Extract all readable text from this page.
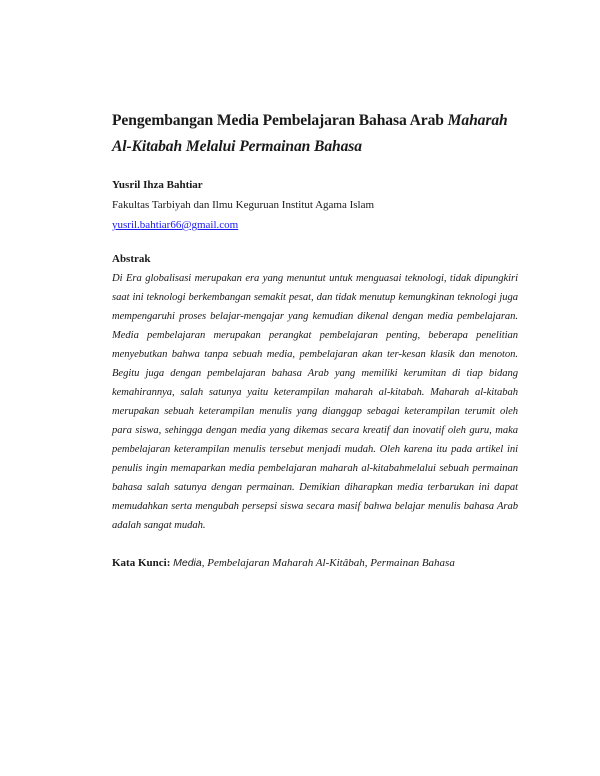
Pengembangan Media Pembelajaran Bahasa Arab Maharah Al-Kitabah Melalui Permainan Bahasa
Yusril Ihza Bahtiar
Fakultas Tarbiyah dan Ilmu Keguruan Institut Agama Islam
yusril.bahtiar66@gmail.com
Abstrak

Di Era globalisasi merupakan era yang menuntut untuk menguasai teknologi, tidak dipungkiri saat ini teknologi berkembangan semakit pesat, dan tidak menutup kemungkinan teknologi juga mempengaruhi proses belajar-mengajar yang kemudian dikenal dengan media pembelajaran. Media pembelajaran merupakan perangkat pembelajaran penting, beberapa penelitian menyebutkan bahwa tanpa sebuah media, pembelajaran akan ter-kesan klasik dan menoton. Begitu juga dengan pembelajaran bahasa Arab yang memiliki kerumitan di tiap bidang kemahirannya, salah satunya yaitu keterampilan maharah al-kitabah. Maharah al-kitabah merupakan sebuah keterampilan menulis yang dianggap sebagai keterampilan terumit oleh para siswa, sehingga dengan media yang dikemas secara kreatif dan inovatif oleh guru, maka pembelajaran keterampilan menulis tersebut menjadi mudah. Oleh karena itu pada artikel ini penulis ingin memaparkan media pembelajaran maharah al-kitabahmelalui sebuah permainan bahasa salah satunya dengan permainan. Demikian diharapkan media terbarukan ini dapat memudahkan serta mengubah persepsi siswa secara masif bahwa belajar menulis bahasa Arab adalah sangat mudah.

Kata Kunci: Media, Pembelajaran Maharah Al-Kitâbah, Permainan Bahasa
